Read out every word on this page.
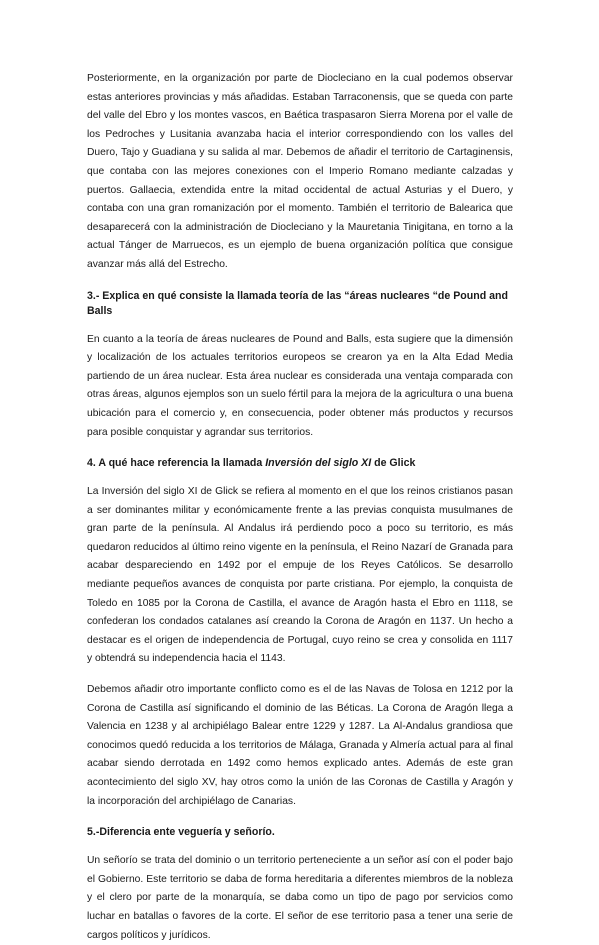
Posteriormente, en la organización por parte de Diocleciano en la cual podemos observar estas anteriores provincias y más añadidas. Estaban Tarraconensis, que se queda con parte del valle del Ebro y los montes vascos, en Baética traspasaron Sierra Morena por el valle de los Pedroches y Lusitania avanzaba hacia el interior correspondiendo con los valles del Duero, Tajo y Guadiana y su salida al mar. Debemos de añadir el territorio de Cartaginensis, que contaba con las mejores conexiones con el Imperio Romano mediante calzadas y puertos. Gallaecia, extendida entre la mitad occidental de actual Asturias y el Duero, y contaba con una gran romanización por el momento. También el territorio de Balearica que desaparecerá con la administración de Diocleciano y la Mauretania Tinigitana, en torno a la actual Tánger de Marruecos, es un ejemplo de buena organización política que consigue avanzar más allá del Estrecho.

3.- Explica en qué consiste la llamada teoría de las “áreas nucleares “de Pound and Balls

En cuanto a la teoría de áreas nucleares de Pound and Balls, esta sugiere que la dimensión y localización de los actuales territorios europeos se crearon ya en la Alta Edad Media partiendo de un área nuclear. Esta área nuclear es considerada una ventaja comparada con otras áreas, algunos ejemplos son un suelo fértil para la mejora de la agricultura o una buena ubicación para el comercio y, en consecuencia, poder obtener más productos y recursos para posible conquistar y agrandar sus territorios.

4. A qué hace referencia la llamada Inversión del siglo XI de Glick

La Inversión del siglo XI de Glick se refiera al momento en el que los reinos cristianos pasan a ser dominantes militar y económicamente frente a las previas conquista musulmanes de gran parte de la península. Al Andalus irá perdiendo poco a poco su territorio, es más quedaron reducidos al último reino vigente en la península, el Reino Nazarí de Granada para acabar despareciendo en 1492 por el empuje de los Reyes Católicos. Se desarrollo mediante pequeños avances de conquista por parte cristiana. Por ejemplo, la conquista de Toledo en 1085 por la Corona de Castilla, el avance de Aragón hasta el Ebro en 1118, se confederan los condados catalanes así creando la Corona de Aragón en 1137. Un hecho a destacar es el origen de independencia de Portugal, cuyo reino se crea y consolida en 1117 y obtendrá su independencia hacia el 1143.

Debemos añadir otro importante conflicto como es el de las Navas de Tolosa en 1212 por la Corona de Castilla así significando el dominio de las Béticas. La Corona de Aragón llega a Valencia en 1238 y al archipiélago Balear entre 1229 y 1287. La Al-Andalus grandiosa que conocimos quedó reducida a los territorios de Málaga, Granada y Almería actual para al final acabar siendo derrotada en 1492 como hemos explicado antes. Además de este gran acontecimiento del siglo XV, hay otros como la unión de las Coronas de Castilla y Aragón y la incorporación del archipiélago de Canarias.

5.-Diferencia ente veguería y señorío.

Un señorío se trata del dominio o un territorio perteneciente a un señor así con el poder bajo el Gobierno. Este territorio se daba de forma hereditaria a diferentes miembros de la nobleza y el clero por parte de la monarquía, se daba como un tipo de pago por servicios como luchar en batallas o favores de la corte. El señor de ese territorio pasa a tener una serie de cargos políticos y jurídicos.
